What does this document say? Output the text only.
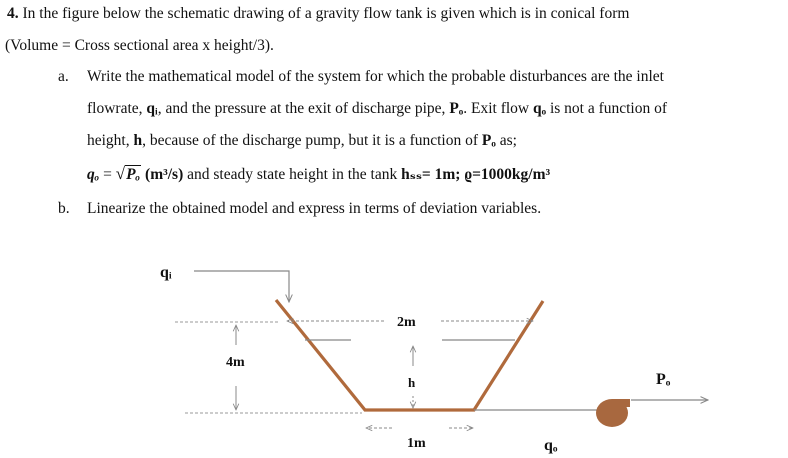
4. In the figure below the schematic drawing of a gravity flow tank is given which is in conical form
(Volume = Cross sectional area x height/3).
a. Write the mathematical model of the system for which the probable disturbances are the inlet
flowrate, qᵢ, and the pressure at the exit of discharge pipe, Pₒ. Exit flow qₒ is not a function of
height, h, because of the discharge pump, but it is a function of Pₒ as;
qₒ = √Pₒ (m³/s) and steady state height in the tank hₛₛ= 1m; ϱ=1000kg/m³
b. Linearize the obtained model and express in terms of deviation variables.
qᵢ
2m
4m
h
1m	qₒ
Pₒ
